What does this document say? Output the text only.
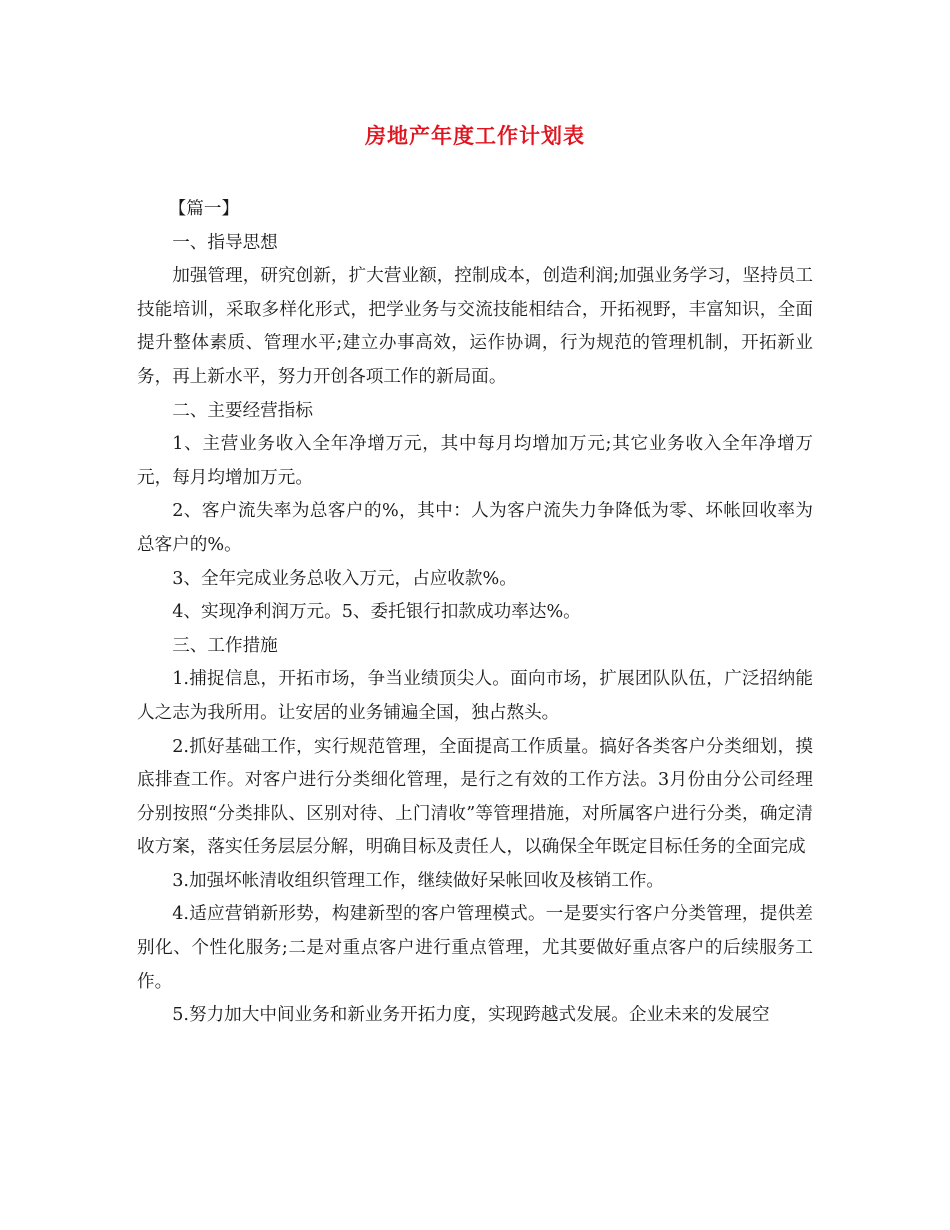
房地产年度工作计划表

【篇一】

一、指导思想

加强管理，研究创新，扩大营业额，控制成本，创造利润;加强业务学习，坚持员工技能培训，采取多样化形式，把学业务与交流技能相结合，开拓视野，丰富知识，全面提升整体素质、管理水平;建立办事高效，运作协调，行为规范的管理机制，开拓新业务，再上新水平，努力开创各项工作的新局面。

二、主要经营指标

1、主营业务收入全年净增万元，其中每月均增加万元;其它业务收入全年净增万元，每月均增加万元。

2、客户流失率为总客户的%，其中：人为客户流失力争降低为零、坏帐回收率为总客户的%。

3、全年完成业务总收入万元，占应收款%。

4、实现净利润万元。5、委托银行扣款成功率达%。

三、工作措施

1.捕捉信息，开拓市场，争当业绩顶尖人。面向市场，扩展团队队伍，广泛招纳能人之志为我所用。让安居的业务铺遍全国，独占熬头。

2.抓好基础工作，实行规范管理，全面提高工作质量。搞好各类客户分类细划，摸底排查工作。对客户进行分类细化管理，是行之有效的工作方法。3月份由分公司经理分别按照“分类排队、区别对待、上门清收”等管理措施，对所属客户进行分类，确定清收方案，落实任务层层分解，明确目标及责任人，以确保全年既定目标任务的全面完成

3.加强坏帐清收组织管理工作，继续做好呆帐回收及核销工作。

4.适应营销新形势，构建新型的客户管理模式。一是要实行客户分类管理，提供差别化、个性化服务;二是对重点客户进行重点管理，尤其要做好重点客户的后续服务工作。

5.努力加大中间业务和新业务开拓力度，实现跨越式发展。企业未来的发展空
